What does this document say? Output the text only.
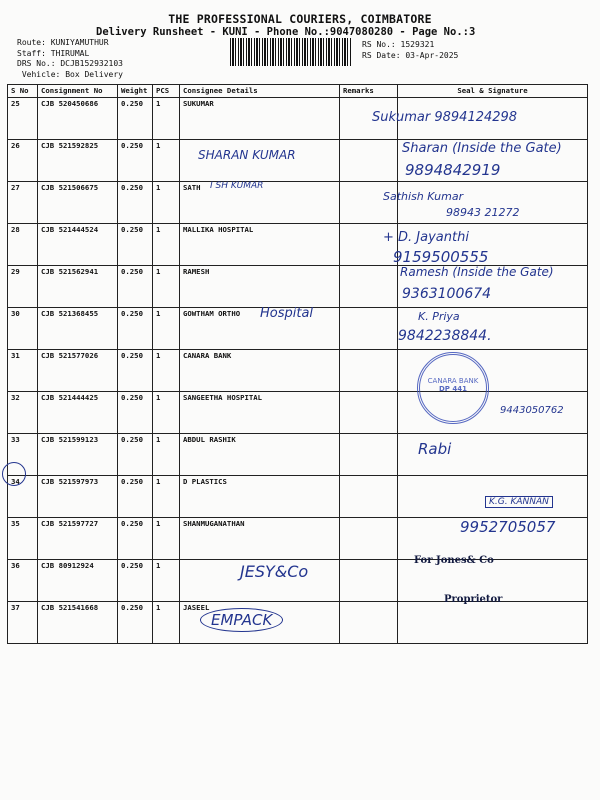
THE PROFESSIONAL COURIERS, COIMBATORE
Delivery Runsheet - KUNI - Phone No.:9047080280 - Page No.:3
Route: KUNIYAMUTHUR
Staff: THIRUMAL
DRS No.: DCJB152932103
Vehicle: Box Delivery
RS No.: 1529321
RS Date: 03-Apr-2025
S No	Consignment No	Weight	PCS	Consignee Details	Remarks	Seal & Signature
25	CJB 520450686	0.250	1	SUKUMAR		
26	CJB 521592825	0.250	1			
27	CJB 521506675	0.250	1	SATH		
28	CJB 521444524	0.250	1	MALLIKA HOSPITAL		
29	CJB 521562941	0.250	1	RAMESH		
30	CJB 521368455	0.250	1	GOWTHAM ORTHO		
31	CJB 521577026	0.250	1	CANARA BANK		
32	CJB 521444425	0.250	1	SANGEETHA HOSPITAL		
33	CJB 521599123	0.250	1	ABDUL RASHIK		
34	CJB 521597973	0.250	1	D PLASTICS		
35	CJB 521597727	0.250	1	SHANMUGANATHAN		
36	CJB 80912924	0.250	1			
37	CJB 521541668	0.250	1	JASEEL		
Sukumar 9894124298
SHARAN KUMAR	Sharan (Inside the Gate)
9894842919
I SH KUMAR
Sathish Kumar
98943 21272
+ D. Jayanthi
9159500555
Ramesh (Inside the Gate)
9363100674
Hospital	K. Priya
9842238844.
CANARA BANK
DP 441
9443050762
Rabi
K.G. KANNAN
9952705057
JESY&Co
EMPACK
For Jones& Co
Proprietor
